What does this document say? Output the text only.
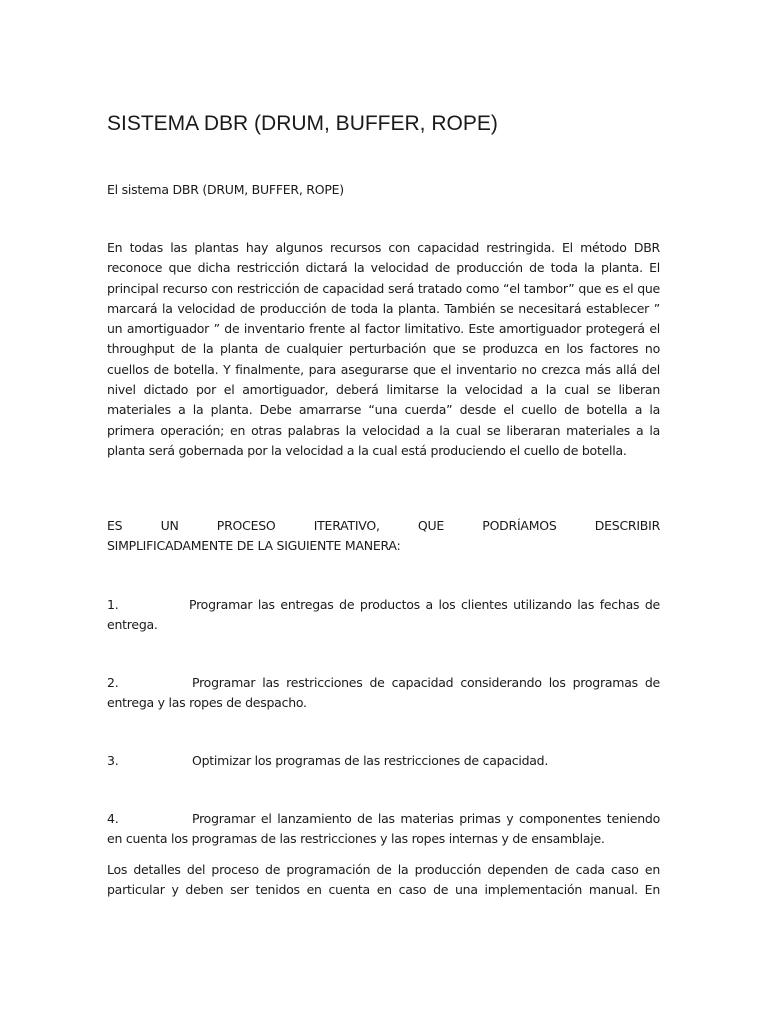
SISTEMA DBR (DRUM, BUFFER, ROPE)

El sistema DBR (DRUM, BUFFER, ROPE)

En todas las plantas hay algunos recursos con capacidad restringida. El método DBR reconoce que dicha restricción dictará la velocidad de producción de toda la planta. El principal recurso con restricción de capacidad será tratado como “el tambor” que es el que marcará la velocidad de producción de toda la planta. También se necesitará establecer ” un amortiguador ” de inventario frente al factor limitativo. Este amortiguador protegerá el throughput de la planta de cualquier perturbación que se produzca en los factores no cuellos de botella. Y finalmente, para asegurarse que el inventario no crezca más allá del nivel dictado por el amortiguador, deberá limitarse la velocidad a la cual se liberan materiales a la planta. Debe amarrarse “una cuerda” desde el cuello de botella a la primera operación; en otras palabras la velocidad a la cual se liberaran materiales a la planta será gobernada por la velocidad a la cual está produciendo el cuello de botella.

ES UN PROCESO ITERATIVO, QUE PODRÍAMOS DESCRIBIR
SIMPLIFICADAMENTE DE LA SIGUIENTE MANERA:

1.	Programar las entregas de productos a los clientes utilizando las fechas de entrega.

2.	Programar las restricciones de capacidad considerando los programas de entrega y las ropes de despacho.

3.	Optimizar los programas de las restricciones de capacidad.

4.	Programar el lanzamiento de las materias primas y componentes teniendo en cuenta los programas de las restricciones y las ropes internas y de ensamblaje.

Los detalles del proceso de programación de la producción dependen de cada caso en particular y deben ser tenidos en cuenta en caso de una implementación manual. En
